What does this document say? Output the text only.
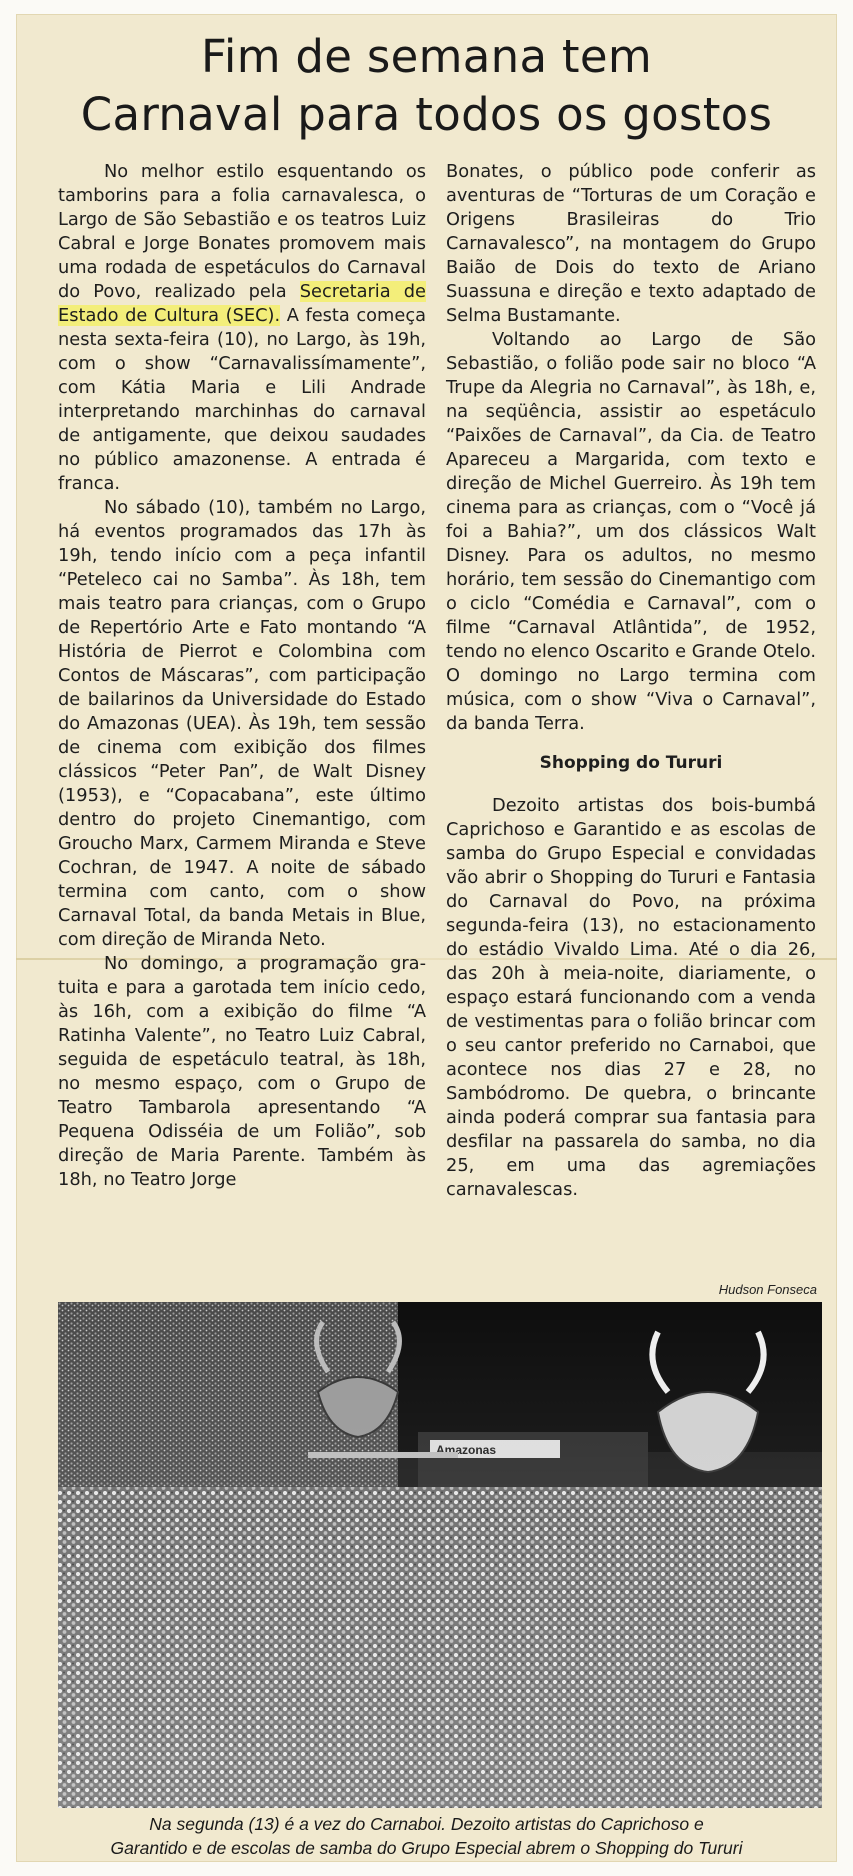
Fim de semana tem
Carnaval para todos os gostos

No melhor estilo esquentando os tamborins para a folia carnavalesca, o Largo de São Sebastião e os teatros Luiz Cabral e Jorge Bonates promovem mais uma rodada de espetáculos do Carnaval do Povo, realizado pela Secretaria de Estado de Cultura (SEC). A festa começa nesta sexta-feira (10), no Largo, às 19h, com o show “Carnavalissímamente”, com Kátia Maria e Lili Andrade interpretando marchinhas do carnaval de antigamente, que deixou saudades no público amazonense. A entrada é franca.

No sábado (10), também no Largo, há eventos programados das 17h às 19h, tendo início com a peça infantil “Peteleco cai no Samba”. Às 18h, tem mais teatro para crianças, com o Grupo de Repertório Arte e Fato montando “A História de Pierrot e Colombina com Contos de Máscaras”, com participação de bailarinos da Universidade do Estado do Amazonas (UEA). Às 19h, tem sessão de cinema com exibição dos filmes clássicos “Peter Pan”, de Walt Disney (1953), e “Copacabana”, este último dentro do projeto Cinemantigo, com Groucho Marx, Carmem Miranda e Steve Cochran, de 1947. A noite de sábado termina com canto, com o show Carnaval Total, da banda Metais in Blue, com direção de Miranda Neto.

No domingo, a programação gratuita e para a garotada tem início cedo, às 16h, com a exibição do filme “A Ratinha Valente”, no Teatro Luiz Cabral, seguida de espetáculo teatral, às 18h, no mesmo espaço, com o Grupo de Teatro Tambarola apresentando “A Pequena Odisséia de um Folião”, sob direção de Maria Parente. Também às 18h, no Teatro Jorge

Bonates, o público pode conferir as aventuras de “Torturas de um Coração e Origens Brasileiras do Trio Carnavalesco”, na montagem do Grupo Baião de Dois do texto de Ariano Suassuna e direção e texto adaptado de Selma Bustamante.

Voltando ao Largo de São Sebastião, o folião pode sair no bloco “A Trupe da Alegria no Carnaval”, às 18h, e, na seqüência, assistir ao espetáculo “Paixões de Carnaval”, da Cia. de Teatro Apareceu a Margarida, com texto e direção de Michel Guerreiro. Às 19h tem cinema para as crianças, com o “Você já foi a Bahia?”, um dos clássicos Walt Disney. Para os adultos, no mesmo horário, tem sessão do Cinemantigo com o ciclo “Comédia e Carnaval”, com o filme “Carnaval Atlântida”, de 1952, tendo no elenco Oscarito e Grande Otelo. O domingo no Largo termina com música, com o show “Viva o Carnaval”, da banda Terra.

Shopping do Tururi

Dezoito artistas dos bois-bumbá Caprichoso e Garantido e as escolas de samba do Grupo Especial e convidadas vão abrir o Shopping do Tururi e Fantasia do Carnaval do Povo, na próxima segunda-feira (13), no estacionamento do estádio Vivaldo Lima. Até o dia 26, das 20h à meia-noite, diariamente, o espaço estará funcionando com a venda de vestimentas para o folião brincar com o seu cantor preferido no Carnaboi, que acontece nos dias 27 e 28, no Sambódromo. De quebra, o brincante ainda poderá comprar sua fantasia para desfilar na passarela do samba, no dia 25, em uma das agremiações carnavalescas.

Hudson Fonseca
Na segunda (13) é a vez do Carnaboi. Dezoito artistas do Caprichoso e
Garantido e de escolas de samba do Grupo Especial abrem o Shopping do Tururi
